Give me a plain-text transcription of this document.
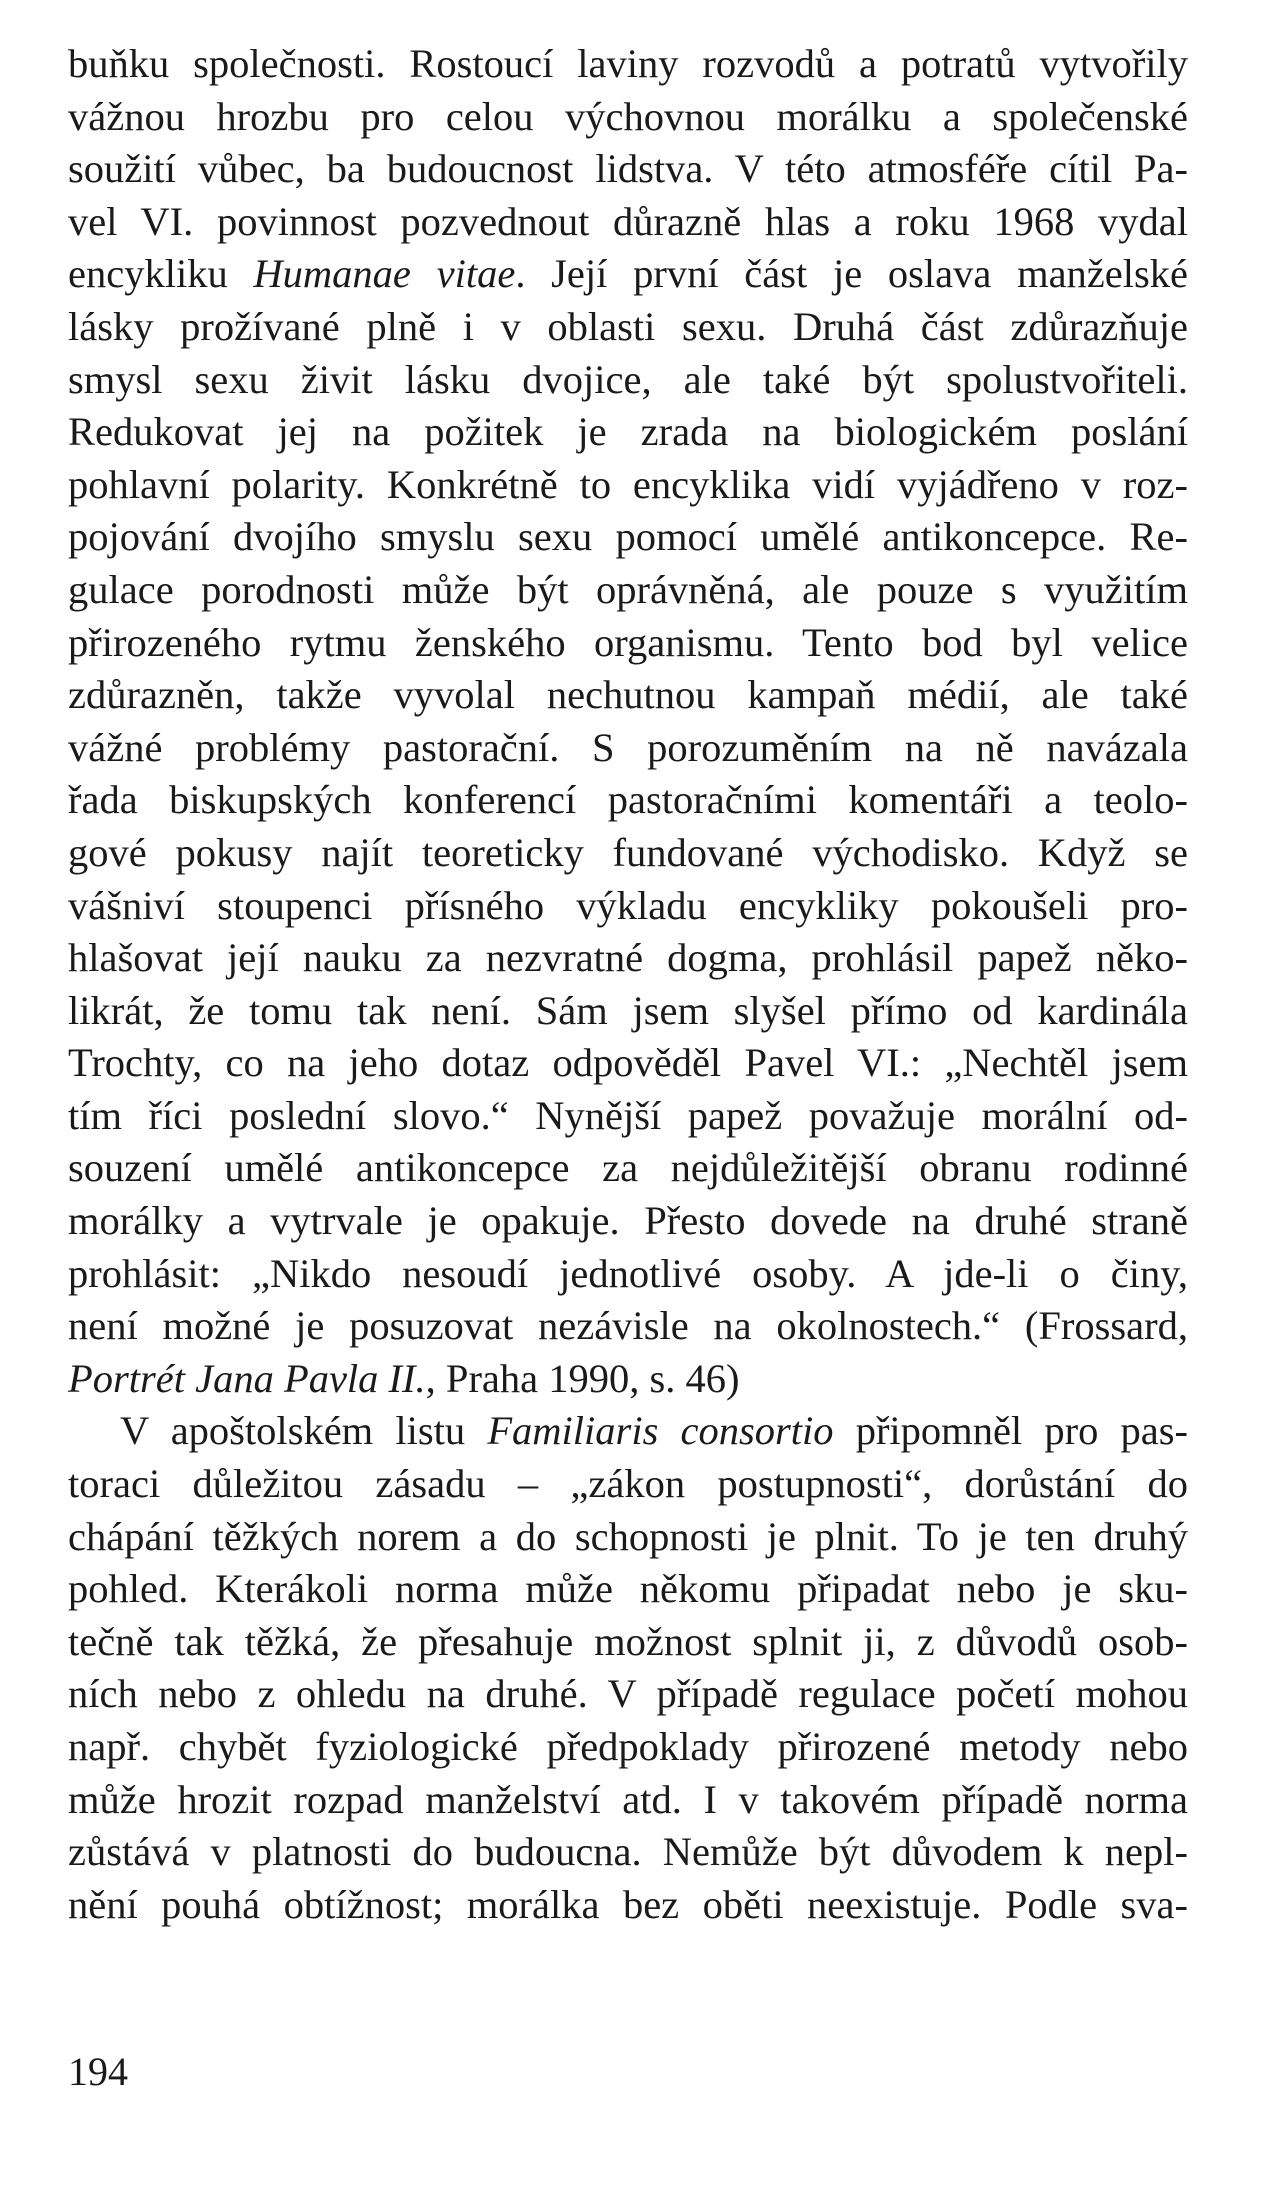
buňku společnosti. Rostoucí laviny rozvodů a potratů vytvořily
vážnou hrozbu pro celou výchovnou morálku a společenské
soužití vůbec, ba budoucnost lidstva. V této atmosféře cítil Pa-
vel VI. povinnost pozvednout důrazně hlas a roku 1968 vydal
encykliku Humanae vitae. Její první část je oslava manželské
lásky prožívané plně i v oblasti sexu. Druhá část zdůrazňuje
smysl sexu živit lásku dvojice, ale také být spolustvořiteli.
Redukovat jej na požitek je zrada na biologickém poslání
pohlavní polarity. Konkrétně to encyklika vidí vyjádřeno v roz-
pojování dvojího smyslu sexu pomocí umělé antikoncepce. Re-
gulace porodnosti může být oprávněná, ale pouze s využitím
přirozeného rytmu ženského organismu. Tento bod byl velice
zdůrazněn, takže vyvolal nechutnou kampaň médií, ale také
vážné problémy pastorační. S porozuměním na ně navázala
řada biskupských konferencí pastoračními komentáři a teolo-
gové pokusy najít teoreticky fundované východisko. Když se
vášniví stoupenci přísného výkladu encykliky pokoušeli pro-
hlašovat její nauku za nezvratné dogma, prohlásil papež něko-
likrát, že tomu tak není. Sám jsem slyšel přímo od kardinála
Trochty, co na jeho dotaz odpověděl Pavel VI.: „Nechtěl jsem
tím říci poslední slovo.“ Nynější papež považuje morální od-
souzení umělé antikoncepce za nejdůležitější obranu rodinné
morálky a vytrvale je opakuje. Přesto dovede na druhé straně
prohlásit: „Nikdo nesoudí jednotlivé osoby. A jde-li o činy,
není možné je posuzovat nezávisle na okolnostech.“ (Frossard,
Portrét Jana Pavla II., Praha 1990, s. 46)
V apoštolském listu Familiaris consortio připomněl pro pas-
toraci důležitou zásadu – „zákon postupnosti“, dorůstání do
chápání těžkých norem a do schopnosti je plnit. To je ten druhý
pohled. Kterákoli norma může někomu připadat nebo je sku-
tečně tak těžká, že přesahuje možnost splnit ji, z důvodů osob-
ních nebo z ohledu na druhé. V případě regulace početí mohou
např. chybět fyziologické předpoklady přirozené metody nebo
může hrozit rozpad manželství atd. I v takovém případě norma
zůstává v platnosti do budoucna. Nemůže být důvodem k nepl-
nění pouhá obtížnost; morálka bez oběti neexistuje. Podle sva-
194
